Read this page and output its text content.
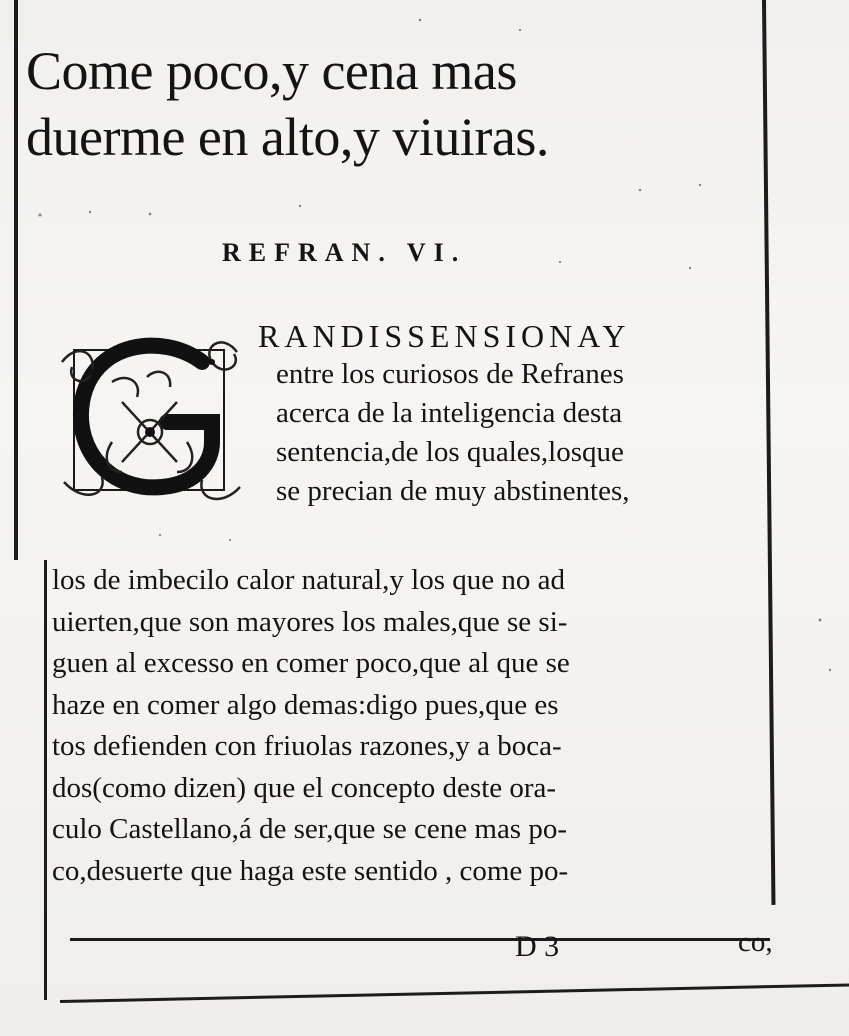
Come poco,y cena mas
duerme en alto,y viuiras.
REFRAN. VI.
RANDISSENSIONAY
entre los curiosos de Refranes
acerca de la inteligencia desta
sentencia,de los quales,losque
se precian de muy abstinentes,
los de imbecilo calor natural,y los que no ad
uierten,que son mayores los males,que se si-
guen al excesso en comer poco,que al que se
haze en comer algo demas:digo pues,que es
tos defienden con friuolas razones,y a boca-
dos(como dizen) que el concepto deste ora-
culo Castellano,á de ser,que se cene mas po-
co,desuerte que haga este sentido , come po-
D 3	co,
